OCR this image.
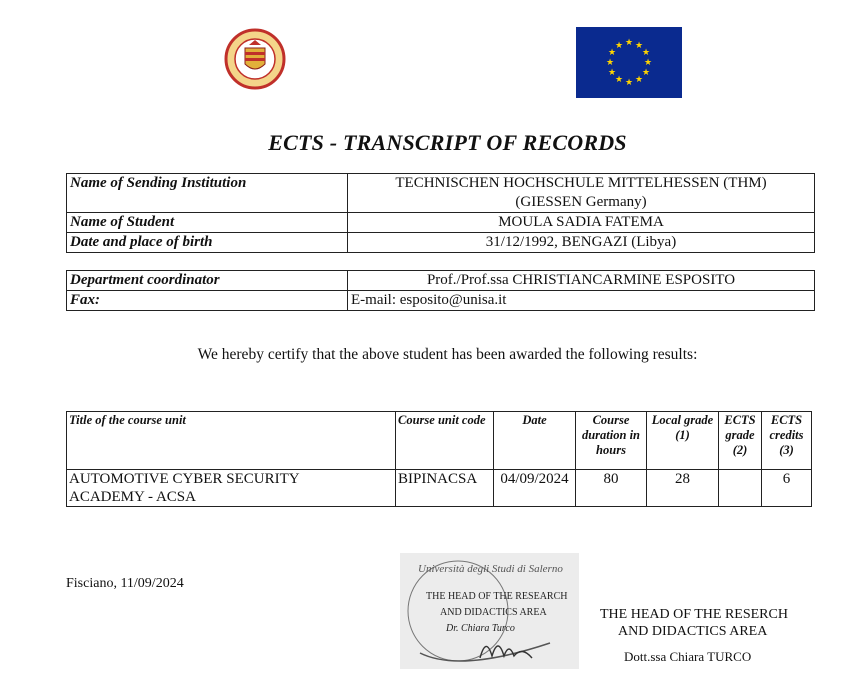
★ ★
★
★
★
★
★
★
★
★
★
★
ECTS - TRANSCRIPT OF RECORDS
Name of Sending Institution	TECHNISCHEN HOCHSCHULE MITTELHESSEN (THM)
(GIESSEN Germany)

Name of Student	MOULA SADIA FATEMA
Date and place of birth	31/12/1992, BENGAZI (Libya)
Department coordinator	Prof./Prof.ssa CHRISTIANCARMINE ESPOSITO
Fax:	E-mail: esposito@unisa.it
We hereby certify that the above student has been awarded the following results:
Title of the course unit	Course unit code	Date	Course duration in hours	Local grade (1)	ECTS grade (2)	ECTS credits (3)

AUTOMOTIVE CYBER SECURITY
ACADEMY - ACSA	BIPINACSA	04/09/2024	80	28		6
Fisciano, 11/09/2024
Università degli Studi di Salerno
THE HEAD OF THE RESEARCH
AND DIDACTICS AREA
Dr. Chiara Turco
THE HEAD OF THE RESERCH
AND DIDACTICS AREA
Dott.ssa Chiara TURCO
